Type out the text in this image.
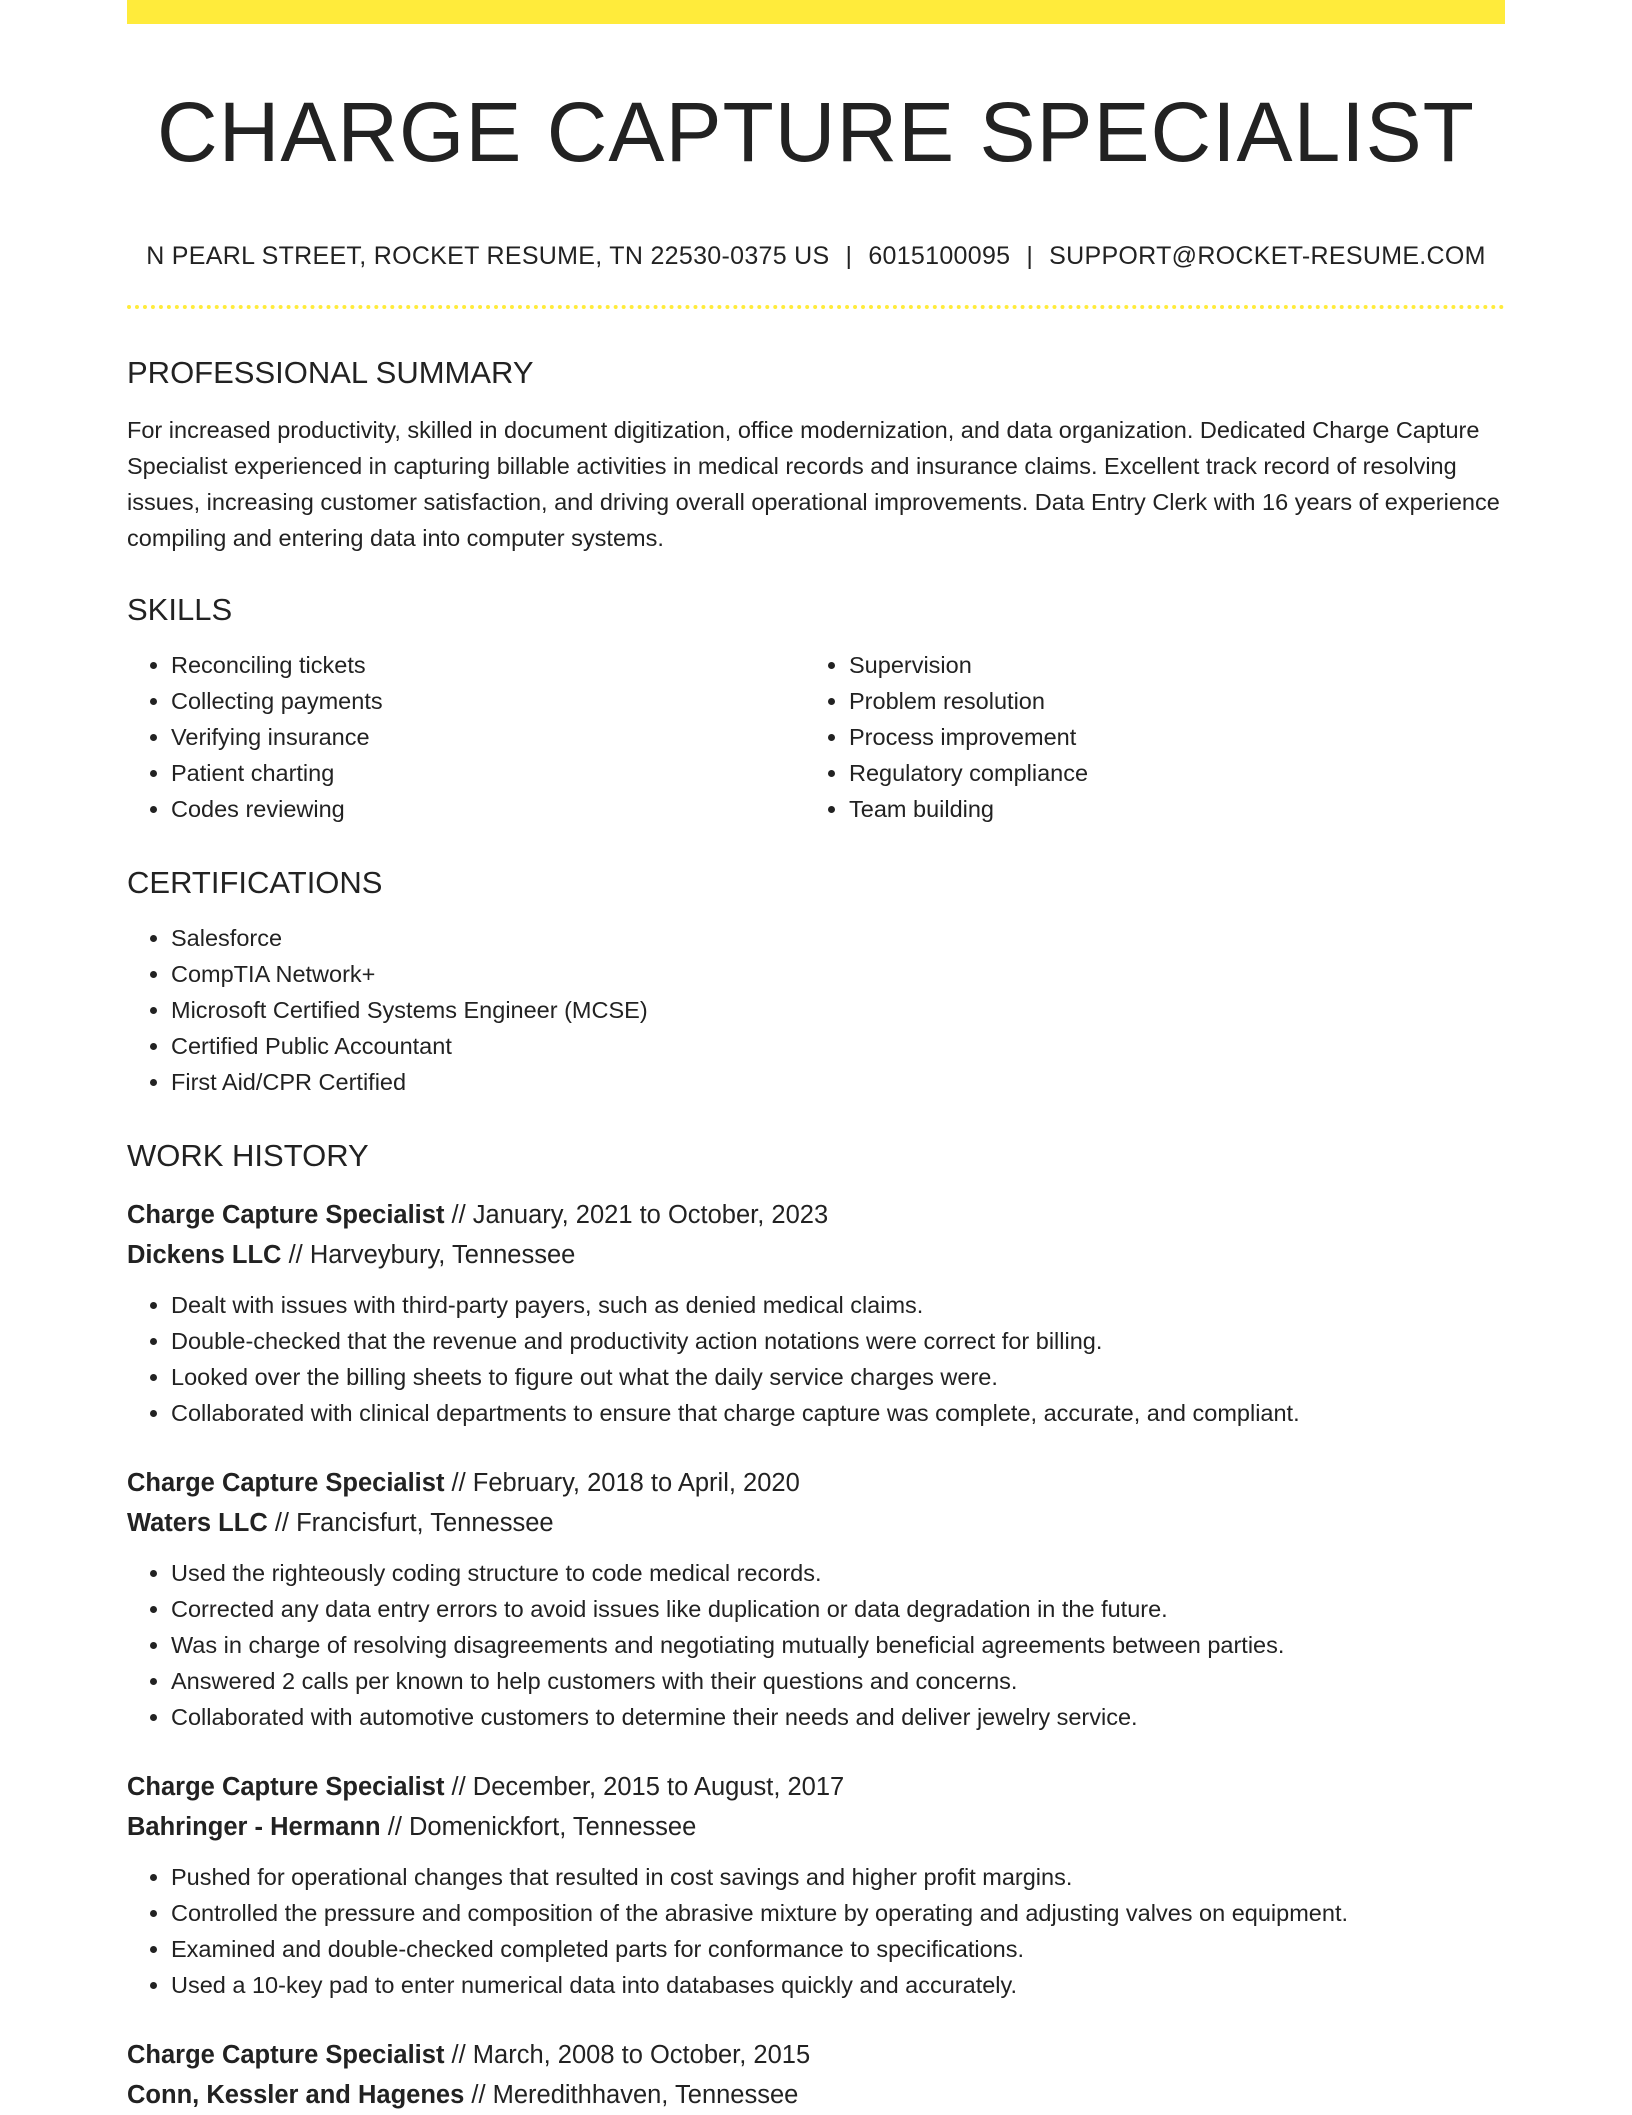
CHARGE CAPTURE SPECIALIST
N PEARL STREET, ROCKET RESUME, TN 22530-0375 US | 6015100095 | SUPPORT@ROCKET-RESUME.COM
PROFESSIONAL SUMMARY

For increased productivity, skilled in document digitization, office modernization, and data organization. Dedicated Charge Capture Specialist experienced in capturing billable activities in medical records and insurance claims. Excellent track record of resolving issues, increasing customer satisfaction, and driving overall operational improvements. Data Entry Clerk with 16 years of experience compiling and entering data into computer systems.

SKILLS
• Reconciling tickets
• Collecting payments
• Verifying insurance
• Patient charting
• Codes reviewing
• Supervision
• Problem resolution
• Process improvement
• Regulatory compliance
• Team building
CERTIFICATIONS
• Salesforce
• CompTIA Network+
• Microsoft Certified Systems Engineer (MCSE)
• Certified Public Accountant
• First Aid/CPR Certified
WORK HISTORY
Charge Capture Specialist // January, 2021 to October, 2023
Dickens LLC // Harveybury, Tennessee
• Dealt with issues with third-party payers, such as denied medical claims.
• Double-checked that the revenue and productivity action notations were correct for billing.
• Looked over the billing sheets to figure out what the daily service charges were.
• Collaborated with clinical departments to ensure that charge capture was complete, accurate, and compliant.
Charge Capture Specialist // February, 2018 to April, 2020
Waters LLC // Francisfurt, Tennessee
• Used the righteously coding structure to code medical records.
• Corrected any data entry errors to avoid issues like duplication or data degradation in the future.
• Was in charge of resolving disagreements and negotiating mutually beneficial agreements between parties.
• Answered 2 calls per known to help customers with their questions and concerns.
• Collaborated with automotive customers to determine their needs and deliver jewelry service.
Charge Capture Specialist // December, 2015 to August, 2017
Bahringer - Hermann // Domenickfort, Tennessee
• Pushed for operational changes that resulted in cost savings and higher profit margins.
• Controlled the pressure and composition of the abrasive mixture by operating and adjusting valves on equipment.
• Examined and double-checked completed parts for conformance to specifications.
• Used a 10-key pad to enter numerical data into databases quickly and accurately.
Charge Capture Specialist // March, 2008 to October, 2015
Conn, Kessler and Hagenes // Meredithhaven, Tennessee
